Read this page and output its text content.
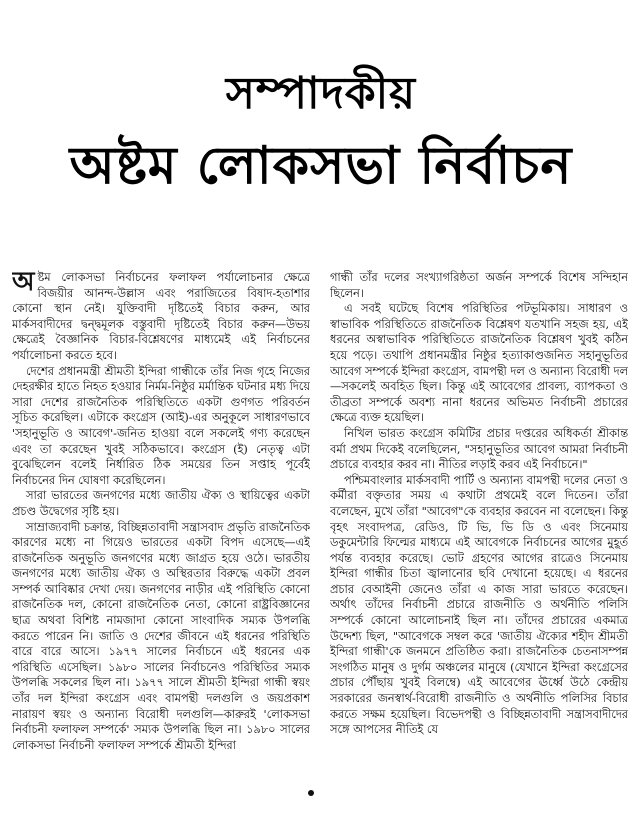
সম্পাদকীয়
অষ্টম লোকসভা নির্বাচন
অ ষ্টম লোকসভা নির্বাচনের ফলাফল পর্যালোচনার ক্ষেত্রে বিজয়ীর আনন্দ-উল্লাস এবং পরাজিতের বিষাদ-হতাশার কোনো স্থান নেই। যুক্তিবাদী দৃষ্টিতেই বিচার করুন, আর মার্কসবাদীদের দ্বন্দ্বমূলক বস্তুবাদী দৃষ্টিতেই বিচার করুন—উভয় ক্ষেত্রেই বৈজ্ঞানিক বিচার-বিশ্লেষণের মাধ্যমেই এই নির্বাচনের পর্যালোচনা করতে হবে।

দেশের প্রধানমন্ত্রী শ্রীমতী ইন্দিরা গান্ধীকে তাঁর নিজ গৃহে নিজের দেহরক্ষীর হাতে নিহত হওয়ার নির্মম-নিষ্ঠুর মর্মান্তিক ঘটনার মধ্য দিয়ে সারা দেশের রাজনৈতিক পরিস্থিতিতে একটা গুণগত পরিবর্তন সূচিত করেছিল। এটাকে কংগ্রেস (আই)-এর অনুকূলে সাধারণভাবে 'সহানুভূতি ও আবেগ'-জনিত হাওয়া বলে সকলেই গণ্য করেছেন এবং তা করেছেন খুবই সঠিকভাবে। কংগ্রেস (ই) নেতৃত্ব এটা বুঝেছিলেন বলেই নির্ধারিত ঠিক সময়ের তিন সপ্তাহ পূর্বেই নির্বাচনের দিন ঘোষণা করেছিলেন।

সারা ভারতের জনগণের মধ্যে জাতীয় ঐক্য ও স্থায়িত্বের একটা প্রচণ্ড উদ্বেগের সৃষ্টি হয়।

সাম্রাজ্যবাদী চক্রান্ত, বিচ্ছিন্নতাবাদী সন্ত্রাসবাদ প্রভৃতি রাজনৈতিক কারণের মধ্যে না গিয়েও ভারতের একটা বিপদ এসেছে—এই রাজনৈতিক অনুভূতি জনগণের মধ্যে জাগ্রত হয়ে ওঠে। ভারতীয় জনগণের মধ্যে জাতীয় ঐক্য ও অস্থিরতার বিরুদ্ধে একটা প্রবল সম্পর্ক আবিষ্কার দেখা দেয়। জনগণের নাড়ীর এই পরিস্থিতি কোনো রাজনৈতিক দল, কোনো রাজনৈতিক নেতা, কোনো রাষ্ট্রবিজ্ঞানের ছাত্র অথবা বিশিষ্ট নামজাদা কোনো সাংবাদিক সম্যক উপলব্ধি করতে পারেন নি। জাতি ও দেশের জীবনে এই ধরনের পরিস্থিতি বারে বারে আসে। ১৯৭৭ সালের নির্বাচনে এই ধরনের এক পরিস্থিতি এসেছিল। ১৯৮০ সালের নির্বাচনেও পরিস্থিতির সম্যক উপলব্ধি সকলের ছিল না। ১৯৭৭ সালে শ্রীমতী ইন্দিরা গান্ধী স্বয়ং তাঁর দল ইন্দিরা কংগ্রেস এবং বামপন্থী দলগুলি ও জয়প্রকাশ নারায়ণ স্বয়ং ও অন্যান্য বিরোধী দলগুলি—কারুরই 'লোকসভা নির্বাচনী ফলাফল সম্পর্কে' সম্যক উপলব্ধি ছিল না। ১৯৮০ সালের লোকসভা নির্বাচনী ফলাফল সম্পর্কে শ্রীমতী ইন্দিরা

গান্ধী তাঁর দলের সংখ্যাগরিষ্ঠতা অর্জন সম্পর্কে বিশেষ সন্দিহান ছিলেন।

এ সবই ঘটেছে বিশেষ পরিস্থিতির পটভূমিকায়। সাধারণ ও স্বাভাবিক পরিস্থিতিতে রাজনৈতিক বিশ্লেষণ যতখানি সহজ হয়, এই ধরনের অস্বাভাবিক পরিস্থিতিতে রাজনৈতিক বিশ্লেষণ খুবই কঠিন হয়ে পড়ে। তথাপি প্রধানমন্ত্রীর নিষ্ঠুর হত্যাকাণ্ডজনিত সহানুভূতির আবেগ সম্পর্কে ইন্দিরা কংগ্রেস, বামপন্থী দল ও অন্যান্য বিরোধী দল—সকলেই অবহিত ছিল। কিন্তু এই আবেগের প্রাবল্য, ব্যাপকতা ও তীব্রতা সম্পর্কে অবশ্য নানা ধরনের অভিমত নির্বাচনী প্রচারের ক্ষেত্রে ব্যক্ত হয়েছিল।

নিখিল ভারত কংগ্রেস কমিটির প্রচার দপ্তরের অধিকর্তা শ্রীকান্ত বর্মা প্রথম দিকেই বলেছিলেন, "সহানুভূতির আবেগ আমরা নির্বাচনী প্রচারে ব্যবহার করব না। নীতির লড়াই করব এই নির্বাচনে।"

পশ্চিমবাংলার মার্কসবাদী পার্টি ও অন্যান্য বামপন্থী দলের নেতা ও কর্মীরা বক্তৃতার সময় এ কথাটা প্রথমেই বলে দিতেন। তাঁরা বলেছেন, মুখে তাঁরা "আবেগ"কে ব্যবহার করবেন না বলেছেন। কিন্তু বৃহৎ সংবাদপত্র, রেডিও, টি ভি, ভি ডি ও এবং সিনেমায় ডকুমেন্টারি ফিল্মের মাধ্যমে এই আবেগকে নির্বাচনের আগের মুহূর্ত পর্যন্ত ব্যবহার করেছে। ভোট গ্রহণের আগের রাত্রেও সিনেমায় ইন্দিরা গান্ধীর চিতা জ্বালানোর ছবি দেখানো হয়েছে। এ ধরনের প্রচার বেআইনী জেনেও তাঁরা এ কাজ সারা ভারতে করেছেন। অর্থাৎ তাঁদের নির্বাচনী প্রচারে রাজনীতি ও অর্থনীতি পলিসি সম্পর্কে কোনো আলোচনাই ছিল না। তাঁদের প্রচারের একমাত্র উদ্দেশ্য ছিল, "আবেগকে সম্বল করে 'জাতীয় ঐক্যের শহীদ শ্রীমতী ইন্দিরা গান্ধী'কে জনমনে প্রতিষ্ঠিত করা। রাজনৈতিক চেতনাসম্পন্ন সংগঠিত মানুষ ও দুর্গম অঞ্চলের মানুষে (যেখানে ইন্দিরা কংগ্রেসের প্রচার পৌঁছায় খুবই বিলম্বে) এই আবেগের ঊর্ধ্বে উঠে কেন্দ্রীয় সরকারের জনস্বার্থ-বিরোধী রাজনীতি ও অর্থনীতি পলিসির বিচার করতে সক্ষম হয়েছিল। বিভেদপন্থী ও বিচ্ছিন্নতাবাদী সন্ত্রাসবাদীদের সঙ্গে আপসের নীতিই যে
